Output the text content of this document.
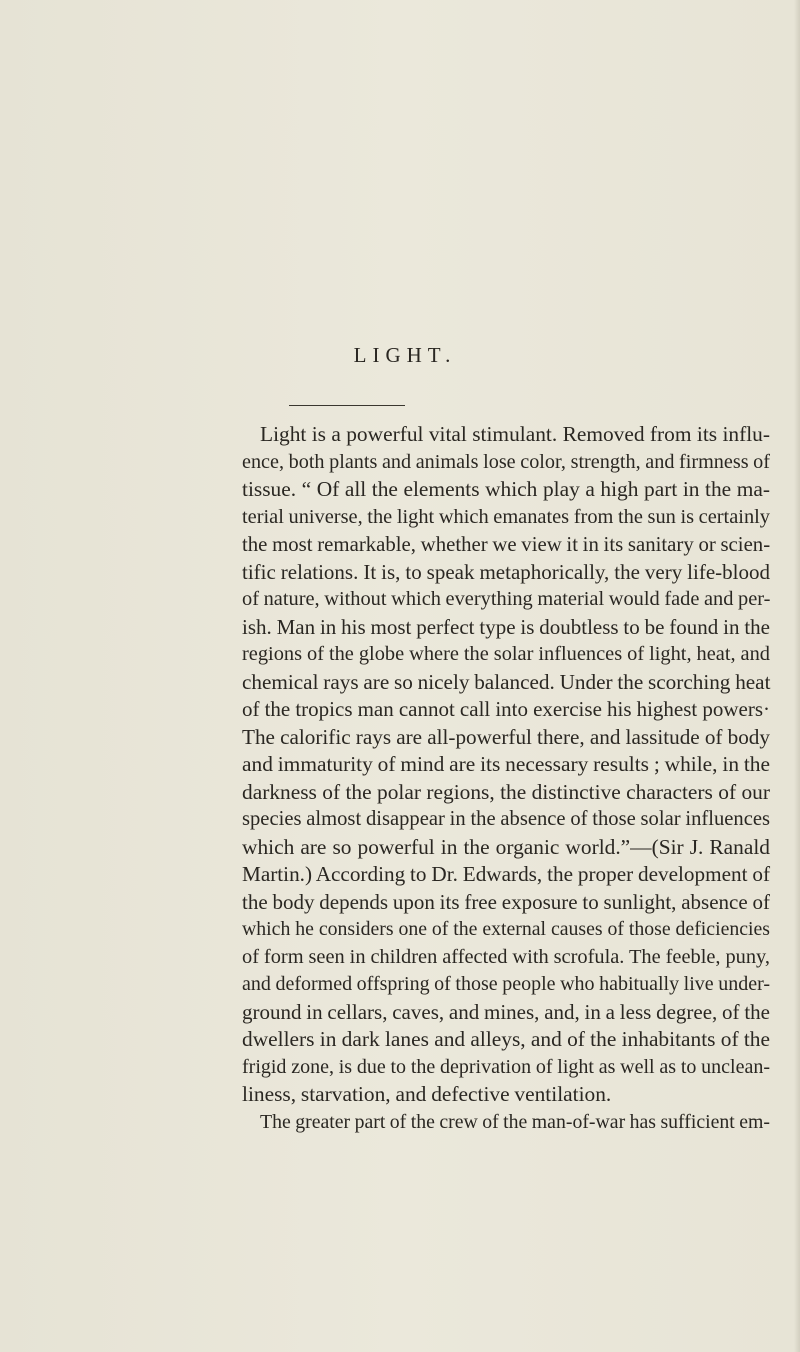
LIGHT.
Light is a powerful vital stimulant. Removed from its influ-
ence, both plants and animals lose color, strength, and firmness of
tissue. “ Of all the elements which play a high part in the ma-
terial universe, the light which emanates from the sun is certainly
the most remarkable, whether we view it in its sanitary or scien-
tific relations. It is, to speak metaphorically, the very life-blood
of nature, without which everything material would fade and per-
ish. Man in his most perfect type is doubtless to be found in the
regions of the globe where the solar influences of light, heat, and
chemical rays are so nicely balanced. Under the scorching heat
of the tropics man cannot call into exercise his highest powers·
The calorific rays are all-powerful there, and lassitude of body
and immaturity of mind are its necessary results ; while, in the
darkness of the polar regions, the distinctive characters of our
species almost disappear in the absence of those solar influences
which are so powerful in the organic world.”—(Sir J. Ranald
Martin.) According to Dr. Edwards, the proper development of
the body depends upon its free exposure to sunlight, absence of
which he considers one of the external causes of those deficiencies
of form seen in children affected with scrofula. The feeble, puny,
and deformed offspring of those people who habitually live under-
ground in cellars, caves, and mines, and, in a less degree, of the
dwellers in dark lanes and alleys, and of the inhabitants of the
frigid zone, is due to the deprivation of light as well as to unclean-
liness, starvation, and defective ventilation.
The greater part of the crew of the man-of-war has sufficient em-
